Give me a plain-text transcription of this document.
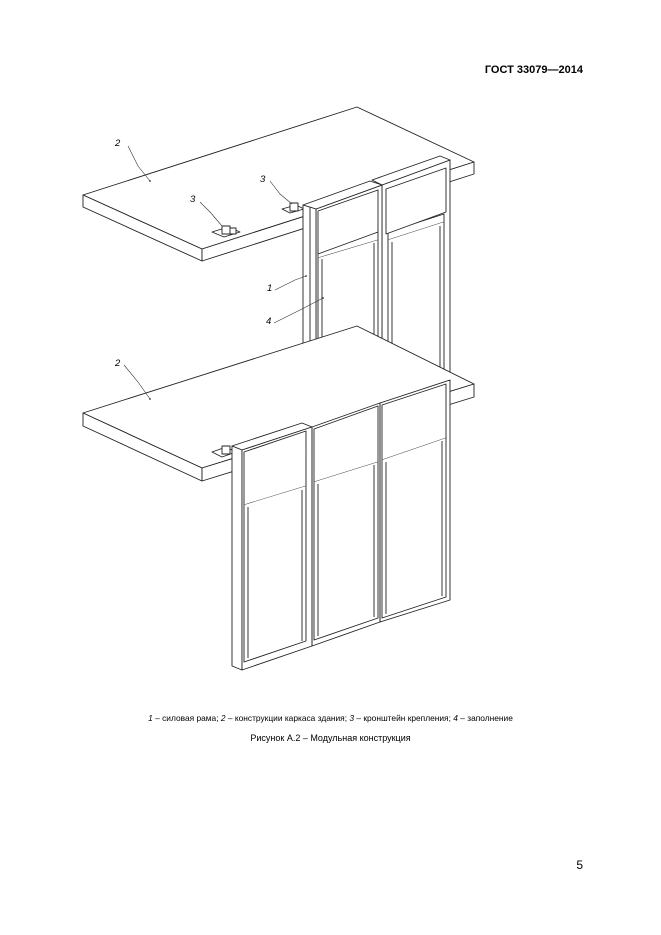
ГОСТ 33079—2014
2
3
3
1
4
2
1 – силовая рама; 2 – конструкции каркаса здания; 3 – кронштейн крепления; 4 – заполнение
Рисунок А.2 – Модульная конструкция
5
